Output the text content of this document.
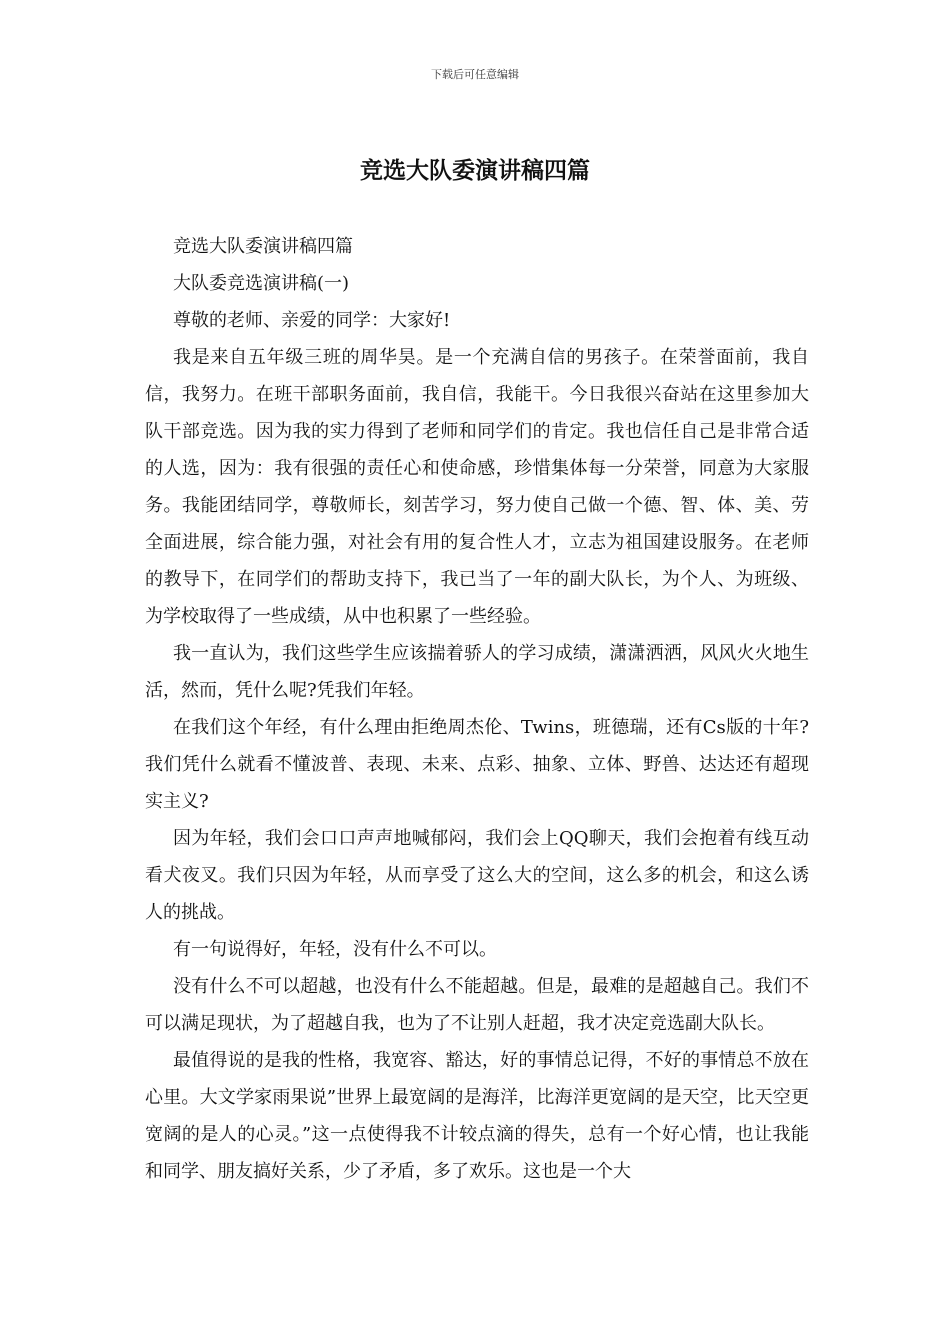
下载后可任意编辑
竞选大队委演讲稿四篇

竞选大队委演讲稿四篇

大队委竞选演讲稿(一)

尊敬的老师、亲爱的同学：大家好!

我是来自五年级三班的周华昊。是一个充满自信的男孩子。在荣誉面前，我自信，我努力。在班干部职务面前，我自信，我能干。今日我很兴奋站在这里参加大队干部竞选。因为我的实力得到了老师和同学们的肯定。我也信任自己是非常合适的人选，因为：我有很强的责任心和使命感，珍惜集体每一分荣誉，同意为大家服务。我能团结同学，尊敬师长，刻苦学习，努力使自己做一个德、智、体、美、劳全面进展，综合能力强，对社会有用的复合性人才，立志为祖国建设服务。在老师的教导下，在同学们的帮助支持下，我已当了一年的副大队长，为个人、为班级、为学校取得了一些成绩，从中也积累了一些经验。

我一直认为，我们这些学生应该揣着骄人的学习成绩，潇潇洒洒，风风火火地生活，然而，凭什么呢?凭我们年轻。

在我们这个年经，有什么理由拒绝周杰伦、Twins，班德瑞，还有Cs版的十年?我们凭什么就看不懂波普、表现、未来、点彩、抽象、立体、野兽、达达还有超现实主义?

因为年轻，我们会口口声声地喊郁闷，我们会上QQ聊天，我们会抱着有线互动看犬夜叉。我们只因为年轻，从而享受了这么大的空间，这么多的机会，和这么诱人的挑战。

有一句说得好，年轻，没有什么不可以。

没有什么不可以超越，也没有什么不能超越。但是，最难的是超越自己。我们不可以满足现状，为了超越自我，也为了不让别人赶超，我才决定竞选副大队长。

最值得说的是我的性格，我宽容、豁达，好的事情总记得，不好的事情总不放在心里。大文学家雨果说”世界上最宽阔的是海洋，比海洋更宽阔的是天空，比天空更宽阔的是人的心灵。”这一点使得我不计较点滴的得失，总有一个好心情，也让我能和同学、朋友搞好关系，少了矛盾，多了欢乐。这也是一个大
